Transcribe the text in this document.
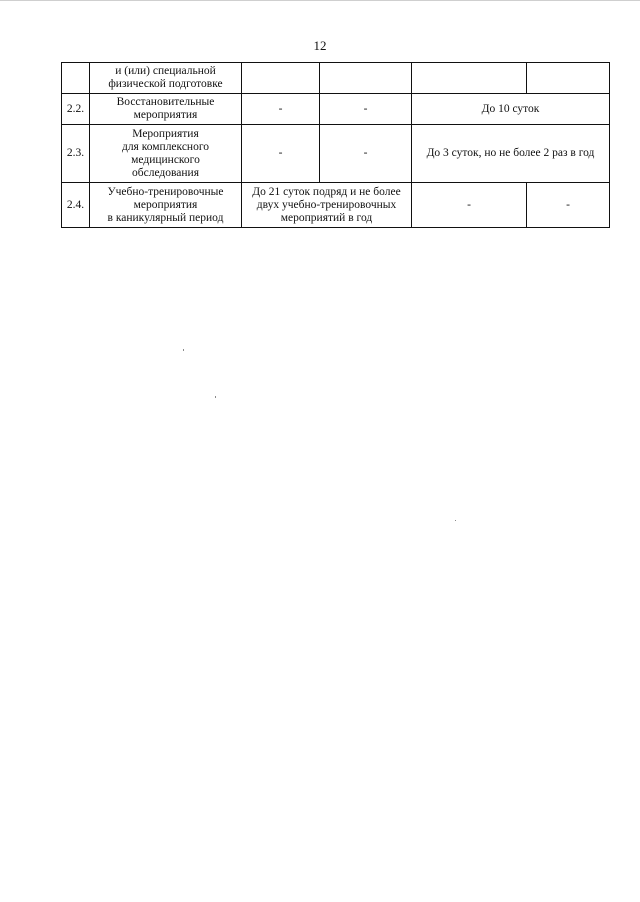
12
	и (или) специальной
физической подготовке				
2.2.	Восстановительные
мероприятия	-	-	До 10 суток	
2.3.	Мероприятия
для комплексного
медицинского
обследования	-	-	До 3 суток, но не более 2 раз в год	
2.4.	Учебно-тренировочные
мероприятия
в каникулярный период	До 21 суток подряд и не более
двух учебно-тренировочных
мероприятий в год		-	-
